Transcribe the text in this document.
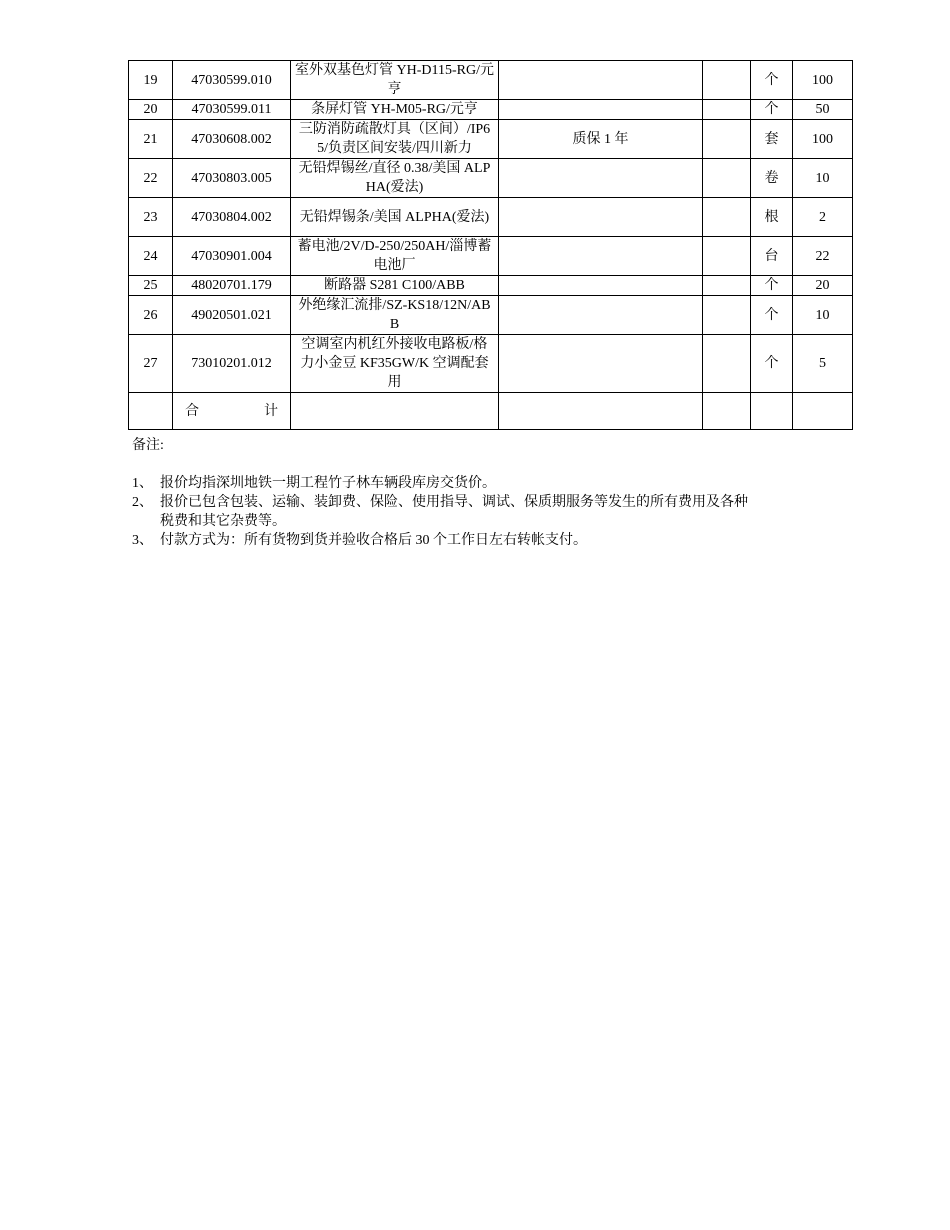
19	47030599.010	室外双基色灯管 YH-D115-RG/元亨			个	100
20	47030599.011	条屏灯管 YH-M05-RG/元亨			个	50
21	47030608.002	三防消防疏散灯具（区间）/IP65/负责区间安装/四川新力	质保 1 年		套	100
22	47030803.005	无铅焊锡丝/直径 0.38/美国 ALPHA(爱法)			卷	10
23	47030804.002	无铅焊锡条/美国 ALPHA(爱法)			根	2
24	47030901.004	蓄电池/2V/D-250/250AH/淄博蓄电池厂			台	22
25	48020701.179	断路器 S281 C100/ABB			个	20
26	49020501.021	外绝缘汇流排/SZ-KS18/12N/ABB			个	10
27	73010201.012	空调室内机红外接收电路板/格力小金豆 KF35GW/K 空调配套用			个	5
	合 计					
备注:
1、 报价均指深圳地铁一期工程竹子林车辆段库房交货价。
2、 报价已包含包装、运输、装卸费、保险、使用指导、调试、保质期服务等发生的所有费用及各种税费和其它杂费等。
3、 付款方式为：所有货物到货并验收合格后 30 个工作日左右转帐支付。
